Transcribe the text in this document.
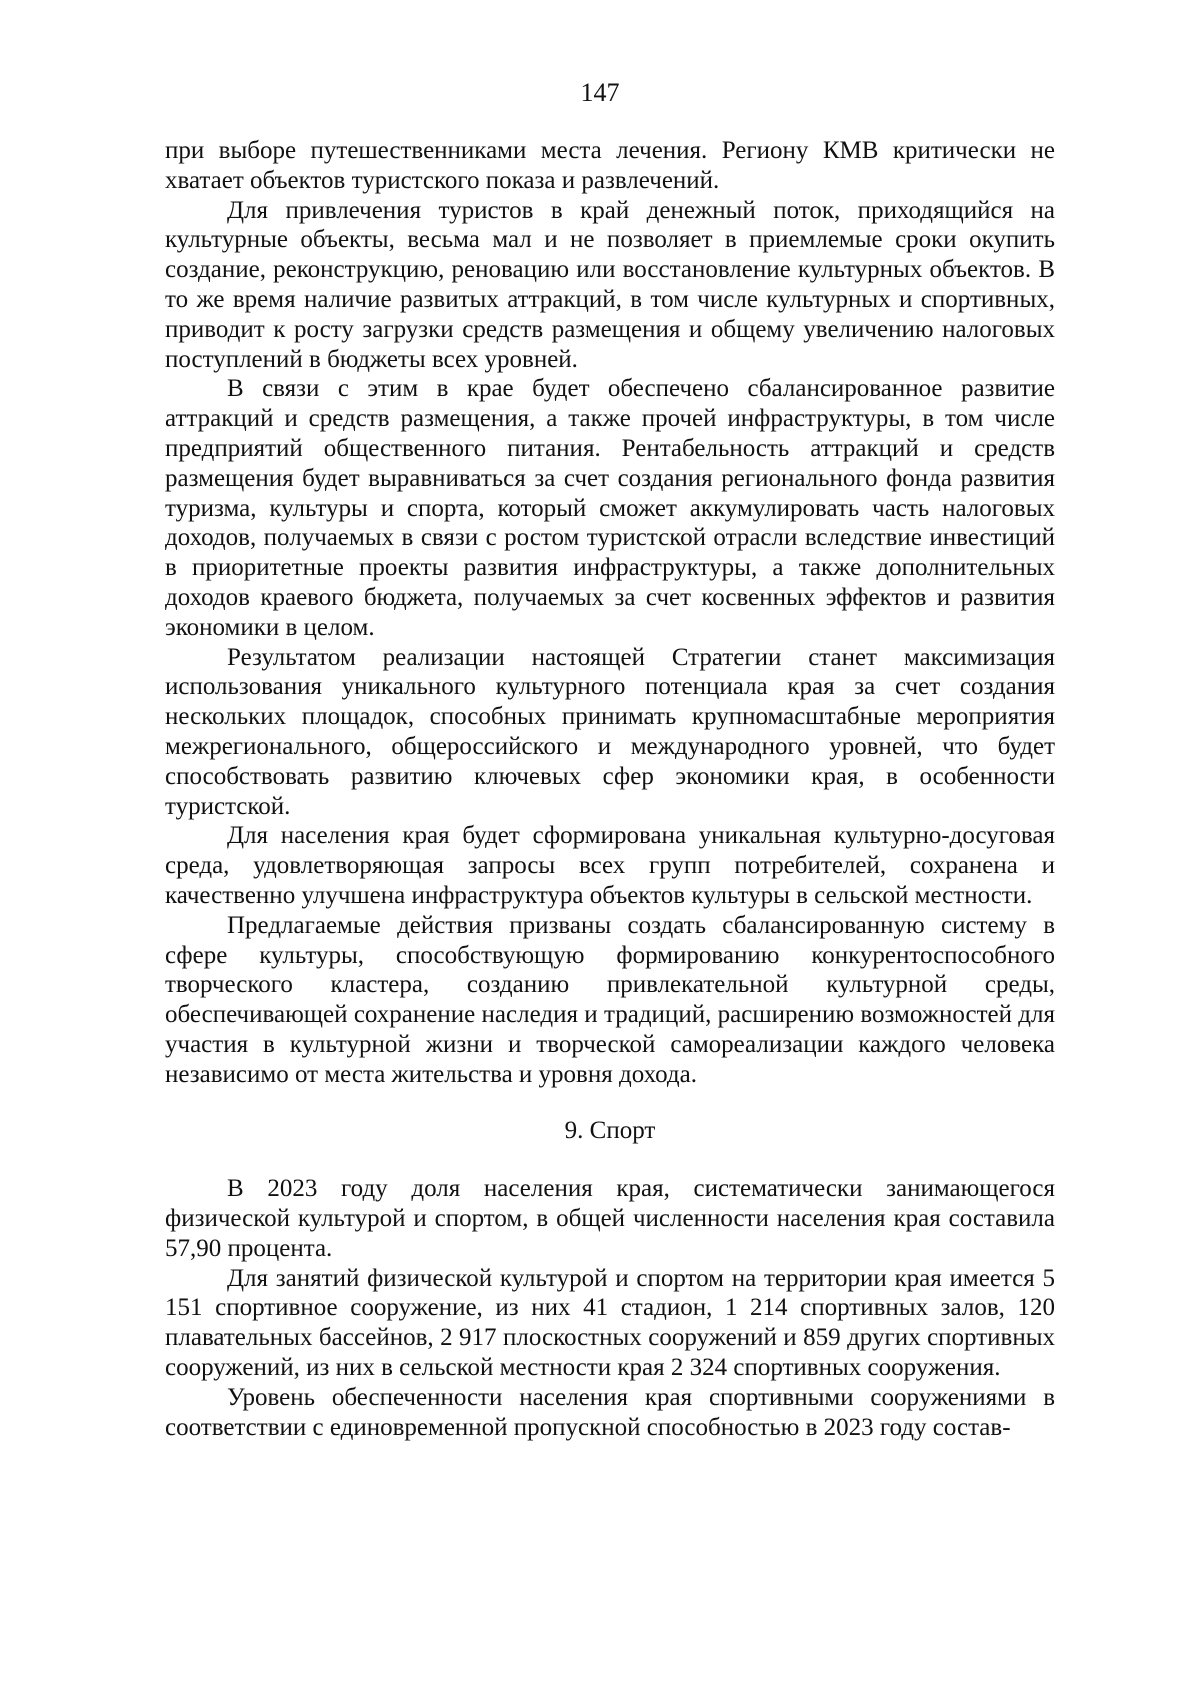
147

при выборе путешественниками места лечения. Региону КМВ критически не хватает объектов туристского показа и развлечений.

Для привлечения туристов в край денежный поток, приходящийся на культурные объекты, весьма мал и не позволяет в приемлемые сроки окупить создание, реконструкцию, реновацию или восстановление культурных объектов. В то же время наличие развитых аттракций, в том числе культурных и спортивных, приводит к росту загрузки средств размещения и общему увеличению налоговых поступлений в бюджеты всех уровней.

В связи с этим в крае будет обеспечено сбалансированное развитие аттракций и средств размещения, а также прочей инфраструктуры, в том числе предприятий общественного питания. Рентабельность аттракций и средств размещения будет выравниваться за счет создания регионального фонда развития туризма, культуры и спорта, который сможет аккумулировать часть налоговых доходов, получаемых в связи с ростом туристской отрасли вследствие инвестиций в приоритетные проекты развития инфраструктуры, а также дополнительных доходов краевого бюджета, получаемых за счет косвенных эффектов и развития экономики в целом.

Результатом реализации настоящей Стратегии станет максимизация использования уникального культурного потенциала края за счет создания нескольких площадок, способных принимать крупномасштабные мероприятия межрегионального, общероссийского и международного уровней, что будет способствовать развитию ключевых сфер экономики края, в особенности туристской.

Для населения края будет сформирована уникальная культурно-досуговая среда, удовлетворяющая запросы всех групп потребителей, сохранена и качественно улучшена инфраструктура объектов культуры в сельской местности.

Предлагаемые действия призваны создать сбалансированную систему в сфере культуры, способствующую формированию конкурентоспособного творческого кластера, созданию привлекательной культурной среды, обеспечивающей сохранение наследия и традиций, расширению возможностей для участия в культурной жизни и творческой самореализации каждого человека независимо от места жительства и уровня дохода.

9. Спорт

В 2023 году доля населения края, систематически занимающегося физической культурой и спортом, в общей численности населения края составила 57,90 процента.

Для занятий физической культурой и спортом на территории края имеется 5 151 спортивное сооружение, из них 41 стадион, 1 214 спортивных залов, 120 плавательных бассейнов, 2 917 плоскостных сооружений и 859 других спортивных сооружений, из них в сельской местности края 2 324 спортивных сооружения.

Уровень обеспеченности населения края спортивными сооружениями в соответствии с единовременной пропускной способностью в 2023 году состав-
